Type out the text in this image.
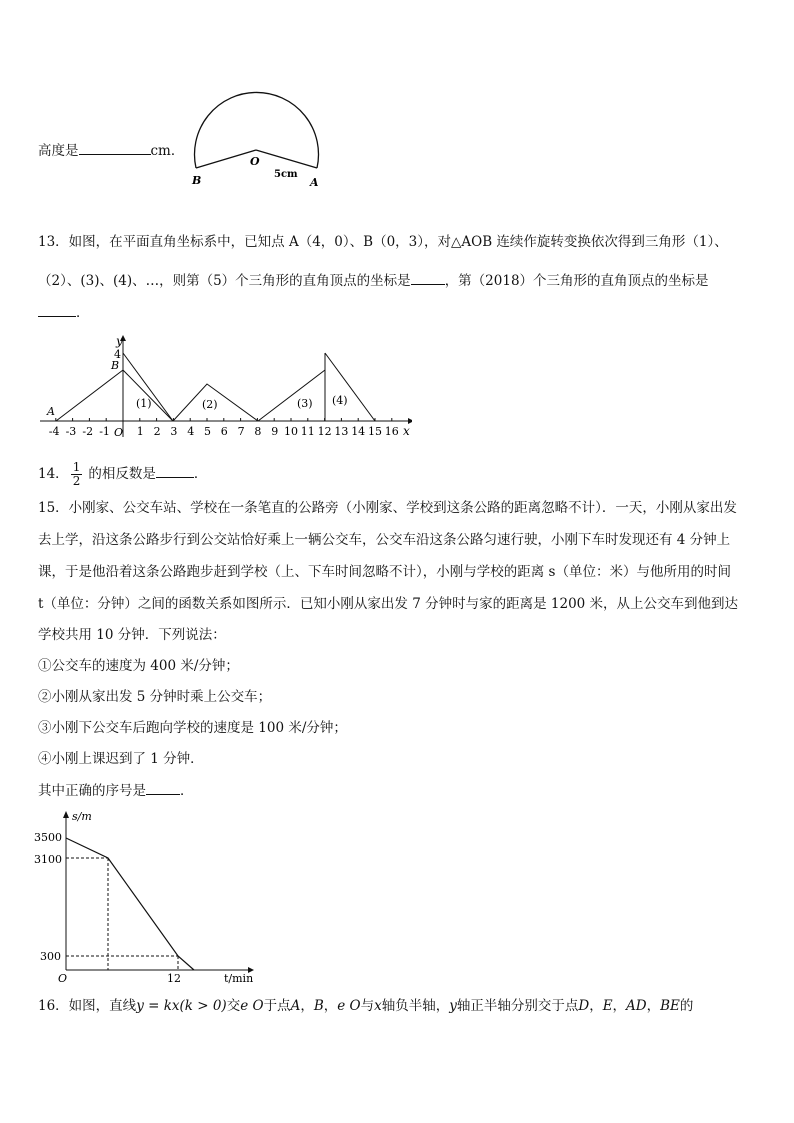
高度是	cm．
O
B	A
5cm
13．如图，在平面直角坐标系中，已知点 A（4，0）、B（0，3），对△AOB 连续作旋转变换依次得到三角形（1）、
（2）、(3)、(4)、…，则第（5）个三角形的直角顶点的坐标是	，第（2018）个三角形的直角顶点的坐标是
．
y
x
O
4
B
A
-4 -3 -2 -1 1 2 3 4 5 6 7 8 9 10 11 12 13 14 15 16
(1)	(2)	(3) (4)
14． $\frac{1}{2}$ 的相反数是	．
15．小刚家、公交车站、学校在一条笔直的公路旁（小刚家、学校到这条公路的距离忽略不计）．一天，小刚从家出发
去上学，沿这条公路步行到公交站恰好乘上一辆公交车，公交车沿这条公路匀速行驶，小刚下车时发现还有 4 分钟上
课，于是他沿着这条公路跑步赶到学校（上、下车时间忽略不计），小刚与学校的距离 s（单位：米）与他所用的时间
t（单位：分钟）之间的函数关系如图所示．已知小刚从家出发 7 分钟时与家的距离是 1200 米，从上公交车到他到达
学校共用 10 分钟．下列说法：
①公交车的速度为 400 米/分钟；
②小刚从家出发 5 分钟时乘上公交车；
③小刚下公交车后跑向学校的速度是 100 米/分钟；
④小刚上课迟到了 1 分钟．
其中正确的序号是	．
s/m
t/min
O
3500
3100
300
12
16．如图，直线y = kx(k > 0)交e O于点A，B，e O与x轴负半轴，y轴正半轴分别交于点D，E，AD，BE的
